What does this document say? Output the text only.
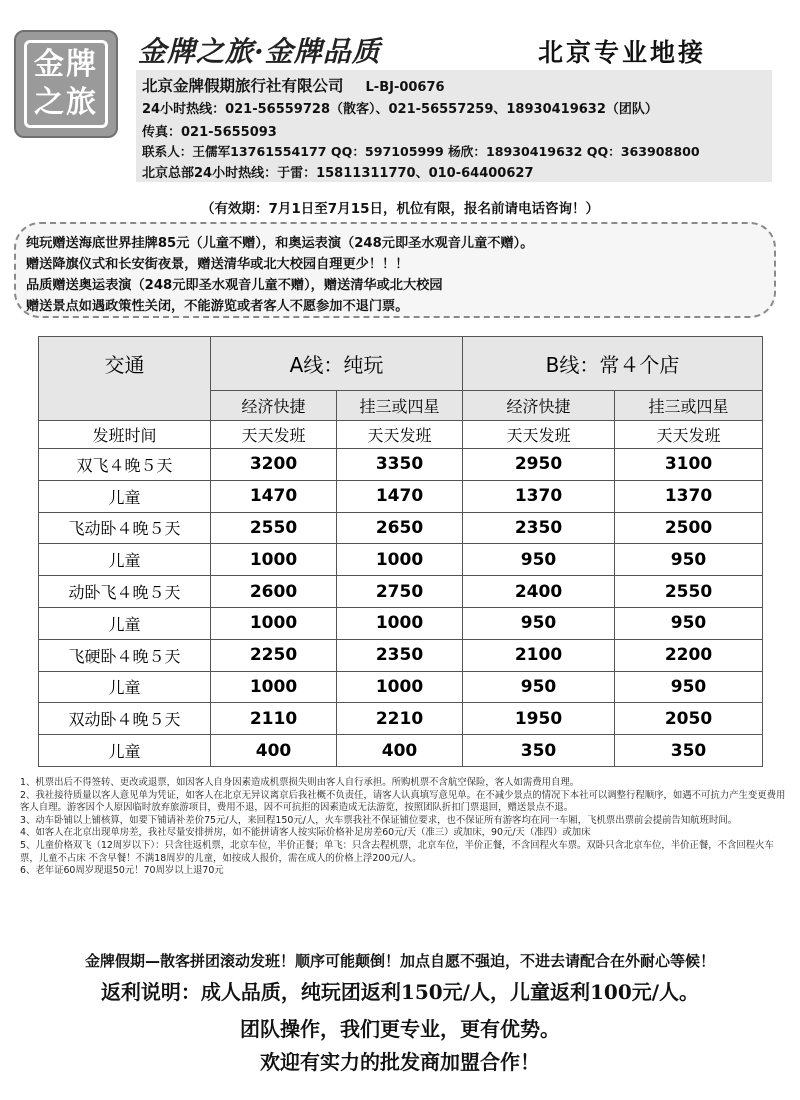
金牌
之旅
金牌之旅·金牌品质	北京专业地接
北京金牌假期旅行社有限公司 L-BJ-00676
24小时热线：021-56559728（散客）、021-56557259、18930419632（团队）
传真：021-5655093
联系人：王儒军13761554177 QQ：597105999 杨欣：18930419632 QQ：363908800
北京总部24小时热线：于雷：15811311770、010-64400627
（有效期：7月1日至7月15日，机位有限，报名前请电话咨询！）
纯玩赠送海底世界挂牌85元（儿童不赠），和奥运表演（248元即圣水观音儿童不赠）。
赠送降旗仪式和长安街夜景，赠送清华或北大校园自理更少！！！
品质赠送奥运表演（248元即圣水观音儿童不赠），赠送清华或北大校园
赠送景点如遇政策性关闭，不能游览或者客人不愿参加不退门票。
交通	A线：纯玩		B线：常４个店	
	经济快捷	挂三或四星	经济快捷	挂三或四星
发班时间	天天发班	天天发班	天天发班	天天发班
双飞４晚５天	3200	3350	2950	3100
儿童	1470	1470	1370	1370
飞动卧４晚５天	2550	2650	2350	2500
儿童	1000	1000	950	950
动卧飞４晚５天	2600	2750	2400	2550
儿童	1000	1000	950	950
飞硬卧４晚５天	2250	2350	2100	2200
儿童	1000	1000	950	950
双动卧４晚５天	2110	2210	1950	2050
儿童	400	400	350	350
1、机票出后不得签转、更改或退票，如因客人自身因素造成机票损失则由客人自行承担。所购机票不含航空保险，客人如需费用自理。
2、我社接待质量以客人意见单为凭证，如客人在北京无异议离京后我社概不负责任，请客人认真填写意见单。在不减少景点的情况下本社可以调整行程顺序，如遇不可抗力产生变更费用客人自理。游客因个人原因临时放弃旅游项目，费用不退，因不可抗拒的因素造成无法游览，按照团队折扣门票退回，赠送景点不退。
3、动车卧铺以上铺核算，如要下铺请补差价75元/人，来回程150元/人，火车票我社不保证铺位要求，也不保证所有游客均在同一车厢，飞机票出票前会提前告知航班时间。
4、如客人在北京出现单房差，我社尽量安排拼房，如不能拼请客人按实际价格补足房差60元/天（准三）或加床，90元/天（准四）或加床
5、儿童价格双飞（12周岁以下）：只含往返机票，北京车位，半价正餐；单飞：只含去程机票，北京车位，半价正餐，不含回程火车票。双卧只含北京车位，半价正餐，不含回程火车票，儿童不占床 不含早餐！不满18周岁的儿童，如按成人报价，需在成人的价格上浮200元/人。
6、老年证60周岁现退50元！70周岁以上退70元
金牌假期—散客拼团滚动发班！顺序可能颠倒！加点自愿不强迫，不进去请配合在外耐心等候！
返利说明：成人品质，纯玩团返利150元/人，儿童返利100元/人。
团队操作，我们更专业，更有优势。
欢迎有实力的批发商加盟合作！
